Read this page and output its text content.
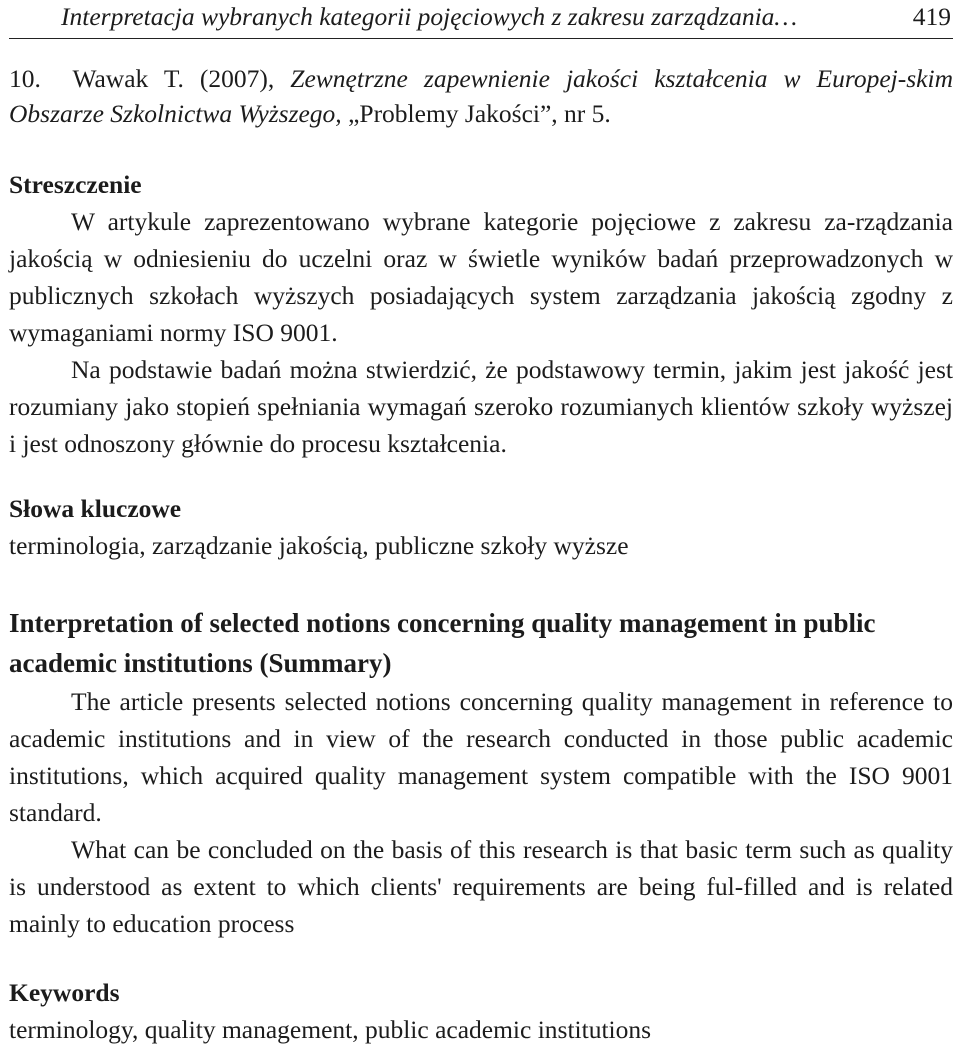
Interpretacja wybranych kategorii pojęciowych z zakresu zarządzania…	419
10. Wawak T. (2007), Zewnętrzne zapewnienie jakości kształcenia w Europej-skim Obszarze Szkolnictwa Wyższego, „Problemy Jakości”, nr 5.
Streszczenie

W artykule zaprezentowano wybrane kategorie pojęciowe z zakresu za-rządzania jakością w odniesieniu do uczelni oraz w świetle wyników badań przeprowadzonych w publicznych szkołach wyższych posiadających system zarządzania jakością zgodny z wymaganiami normy ISO 9001.

Na podstawie badań można stwierdzić, że podstawowy termin, jakim jest jakość jest rozumiany jako stopień spełniania wymagań szeroko rozumianych klientów szkoły wyższej i jest odnoszony głównie do procesu kształcenia.

Słowa kluczowe

terminologia, zarządzanie jakością, publiczne szkoły wyższe

Interpretation of selected notions concerning quality management in public academic institutions (Summary)

The article presents selected notions concerning quality management in reference to academic institutions and in view of the research conducted in those public academic institutions, which acquired quality management system compatible with the ISO 9001 standard.

What can be concluded on the basis of this research is that basic term such as quality is understood as extent to which clients' requirements are being ful-filled and is related mainly to education process

Keywords

terminology, quality management, public academic institutions
